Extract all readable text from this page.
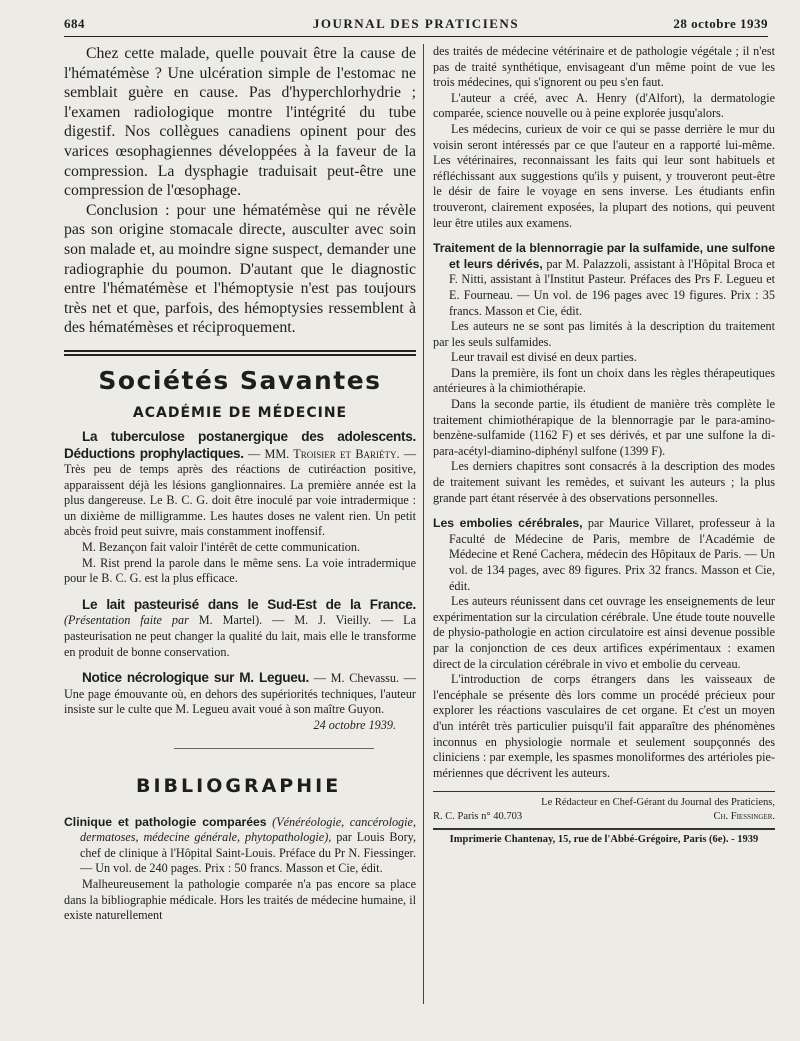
684	JOURNAL DES PRATICIENS	28 octobre 1939

Chez cette malade, quelle pouvait être la cause de l'hématémèse ? Une ulcération simple de l'estomac ne semblait guère en cause. Pas d'hyperchlorhydrie ; l'examen radiologique montre l'intégrité du tube digestif. Nos collègues canadiens opinent pour des varices œsophagiennes développées à la faveur de la compression. La dysphagie traduisait peut-être une compression de l'œsophage.

Conclusion : pour une hématémèse qui ne révèle pas son origine stomacale directe, ausculter avec soin son malade et, au moindre signe suspect, demander une radiographie du poumon. D'autant que le diagnostic entre l'hématémèse et l'hémoptysie n'est pas toujours très net et que, parfois, des hémoptysies ressemblent à des hématémèses et réciproquement.

Sociétés Savantes
ACADÉMIE DE MÉDECINE

La tuberculose postanergique des adolescents. Déductions prophylactiques. — MM. Troisier et Bariéty. — Très peu de temps après des réactions de cutiréaction positive, apparaissent déjà les lésions ganglionnaires. La première année est la plus dangereuse. Le B. C. G. doit être inoculé par voie intradermique : un dixième de milligramme. Les hautes doses ne valent rien. Un petit abcès froid peut suivre, mais constamment inoffensif.

M. Bezançon fait valoir l'intérêt de cette communication.

M. Rist prend la parole dans le même sens. La voie intradermique pour le B. C. G. est la plus efficace.

Le lait pasteurisé dans le Sud-Est de la France. (Présentation faite par M. Martel). — M. J. Vieilly. — La pasteurisation ne peut changer la qualité du lait, mais elle le transforme en produit de bonne conservation.

Notice nécrologique sur M. Legueu. — M. Chevassu. — Une page émouvante où, en dehors des supériorités techniques, l'auteur insiste sur le culte que M. Legueu avait voué à son maître Guyon.

24 octobre 1939.
BIBLIOGRAPHIE

Clinique et pathologie comparées (Vénéréologie, cancérologie, dermatoses, médecine générale, phytopathologie), par Louis Bory, chef de clinique à l'Hôpital Saint-Louis. Préface du Pr N. Fiessinger. — Un vol. de 240 pages. Prix : 50 francs. Masson et Cie, édit.

Malheureusement la pathologie comparée n'a pas encore sa place dans la bibliographie médicale. Hors les traités de médecine humaine, il existe naturellement

des traités de médecine vétérinaire et de pathologie végétale ; il n'est pas de traité synthétique, envisageant d'un même point de vue les trois médecines, qui s'ignorent ou peu s'en faut.

L'auteur a créé, avec A. Henry (d'Alfort), la dermatologie comparée, science nouvelle ou à peine explorée jusqu'alors.

Les médecins, curieux de voir ce qui se passe derrière le mur du voisin seront intéressés par ce que l'auteur en a rapporté lui-même. Les vétérinaires, reconnaissant les faits qui leur sont habituels et réfléchissant aux suggestions qu'ils y puisent, y trouveront peut-être le désir de faire le voyage en sens inverse. Les étudiants enfin trouveront, clairement exposées, la plupart des notions, qui peuvent leur être utiles aux examens.

Traitement de la blennorragie par la sulfamide, une sulfone et leurs dérivés, par M. Palazzoli, assistant à l'Hôpital Broca et F. Nitti, assistant à l'Institut Pasteur. Préfaces des Prs F. Legueu et E. Fourneau. — Un vol. de 196 pages avec 19 figures. Prix : 35 francs. Masson et Cie, édit.

Les auteurs ne se sont pas limités à la description du traitement par les seuls sulfamides.

Leur travail est divisé en deux parties.

Dans la première, ils font un choix dans les règles thérapeutiques antérieures à la chimiothérapie.

Dans la seconde partie, ils étudient de manière très complète le traitement chimiothérapique de la blennorragie par le para-amino-benzène-sulfamide (1162 F) et ses dérivés, et par une sulfone la di-para-acétyl-diamino-diphényl sulfone (1399 F).

Les derniers chapitres sont consacrés à la description des modes de traitement suivant les remèdes, et suivant les auteurs ; la plus grande part étant réservée à des observations personnelles.

Les embolies cérébrales, par Maurice Villaret, professeur à la Faculté de Médecine de Paris, membre de l'Académie de Médecine et René Cachera, médecin des Hôpitaux de Paris. — Un vol. de 134 pages, avec 89 figures. Prix 32 francs. Masson et Cie, édit.

Les auteurs réunissent dans cet ouvrage les enseignements de leur expérimentation sur la circulation cérébrale. Une étude toute nouvelle de physio-pathologie en action circulatoire est ainsi devenue possible par la conjonction de ces deux artifices expérimentaux : examen direct de la circulation cérébrale in vivo et embolie du cerveau.

L'introduction de corps étrangers dans les vaisseaux de l'encéphale se présente dès lors comme un procédé précieux pour explorer les réactions vasculaires de cet organe. Et c'est un moyen d'un intérêt très particulier puisqu'il fait apparaître des phénomènes inconnus en physiologie normale et seulement soupçonnés des cliniciens : par exemple, les spasmes monoliformes des artérioles pie-mériennes que décrivent les auteurs.

Le Rédacteur en Chef-Gérant du Journal des Praticiens,
R. C. Paris n° 40.703	Ch. Fiessinger.
Imprimerie Chantenay, 15, rue de l'Abbé-Grégoire, Paris (6e). - 1939
